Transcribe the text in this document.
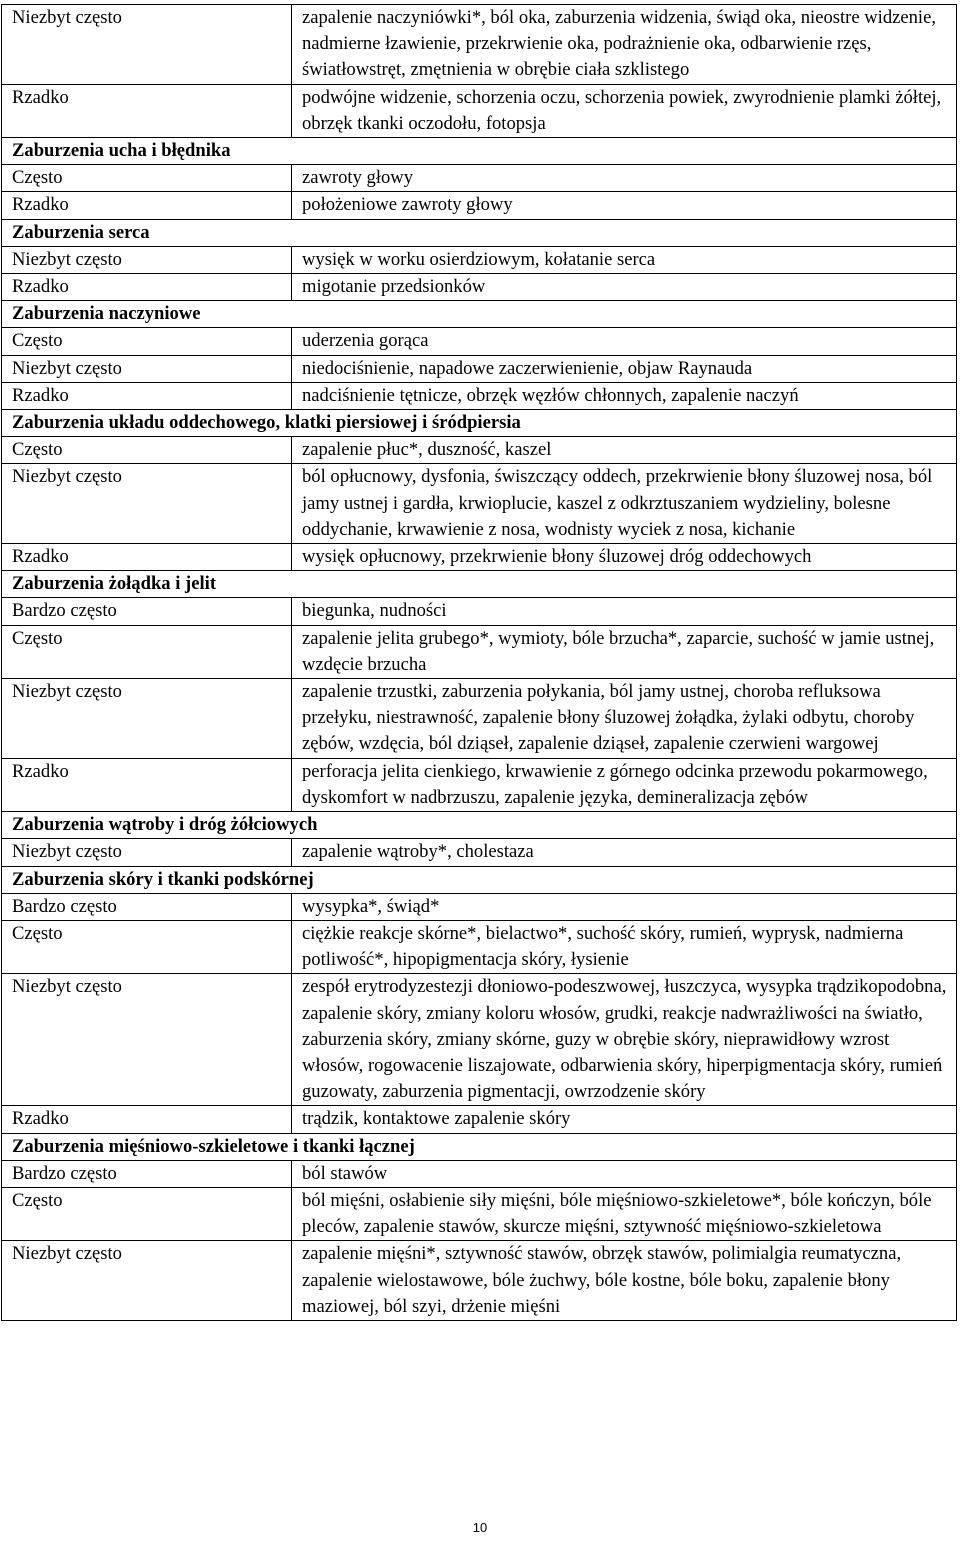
Niezbyt często	zapalenie naczyniówki*, ból oka, zaburzenia widzenia, świąd oka, nieostre widzenie, nadmierne łzawienie, przekrwienie oka, podrażnienie oka, odbarwienie rzęs, światłowstręt, zmętnienia w obrębie ciała szklistego
Rzadko	podwójne widzenie, schorzenia oczu, schorzenia powiek, zwyrodnienie plamki żółtej, obrzęk tkanki oczodołu, fotopsja
Zaburzenia ucha i błędnika	
Często	zawroty głowy
Rzadko	położeniowe zawroty głowy
Zaburzenia serca	
Niezbyt często	wysięk w worku osierdziowym, kołatanie serca
Rzadko	migotanie przedsionków
Zaburzenia naczyniowe	
Często	uderzenia gorąca
Niezbyt często	niedociśnienie, napadowe zaczerwienienie, objaw Raynauda
Rzadko	nadciśnienie tętnicze, obrzęk węzłów chłonnych, zapalenie naczyń
Zaburzenia układu oddechowego, klatki piersiowej i śródpiersia	
Często	zapalenie płuc*, duszność, kaszel
Niezbyt często	ból opłucnowy, dysfonia, świszczący oddech, przekrwienie błony śluzowej nosa, ból jamy ustnej i gardła, krwioplucie, kaszel z odkrztuszaniem wydzieliny, bolesne oddychanie, krwawienie z nosa, wodnisty wyciek z nosa, kichanie
Rzadko	wysięk opłucnowy, przekrwienie błony śluzowej dróg oddechowych
Zaburzenia żołądka i jelit	
Bardzo często	biegunka, nudności
Często	zapalenie jelita grubego*, wymioty, bóle brzucha*, zaparcie, suchość w jamie ustnej, wzdęcie brzucha
Niezbyt często	zapalenie trzustki, zaburzenia połykania, ból jamy ustnej, choroba refluksowa przełyku, niestrawność, zapalenie błony śluzowej żołądka, żylaki odbytu, choroby zębów, wzdęcia, ból dziąseł, zapalenie dziąseł, zapalenie czerwieni wargowej
Rzadko	perforacja jelita cienkiego, krwawienie z górnego odcinka przewodu pokarmowego, dyskomfort w nadbrzuszu, zapalenie języka, demineralizacja zębów
Zaburzenia wątroby i dróg żółciowych	
Niezbyt często	zapalenie wątroby*, cholestaza
Zaburzenia skóry i tkanki podskórnej	
Bardzo często	wysypka*, świąd*
Często	ciężkie reakcje skórne*, bielactwo*, suchość skóry, rumień, wyprysk, nadmierna potliwość*, hipopigmentacja skóry, łysienie
Niezbyt często	zespół erytrodyzestezji dłoniowo-podeszwowej, łuszczyca, wysypka trądzikopodobna, zapalenie skóry, zmiany koloru włosów, grudki, reakcje nadwrażliwości na światło, zaburzenia skóry, zmiany skórne, guzy w obrębie skóry, nieprawidłowy wzrost włosów, rogowacenie liszajowate, odbarwienia skóry, hiperpigmentacja skóry, rumień guzowaty, zaburzenia pigmentacji, owrzodzenie skóry
Rzadko	trądzik, kontaktowe zapalenie skóry
Zaburzenia mięśniowo-szkieletowe i tkanki łącznej	
Bardzo często	ból stawów
Często	ból mięśni, osłabienie siły mięśni, bóle mięśniowo-szkieletowe*, bóle kończyn, bóle pleców, zapalenie stawów, skurcze mięśni, sztywność mięśniowo-szkieletowa
Niezbyt często	zapalenie mięśni*, sztywność stawów, obrzęk stawów, polimialgia reumatyczna, zapalenie wielostawowe, bóle żuchwy, bóle kostne, bóle boku, zapalenie błony maziowej, ból szyi, drżenie mięśni
10
